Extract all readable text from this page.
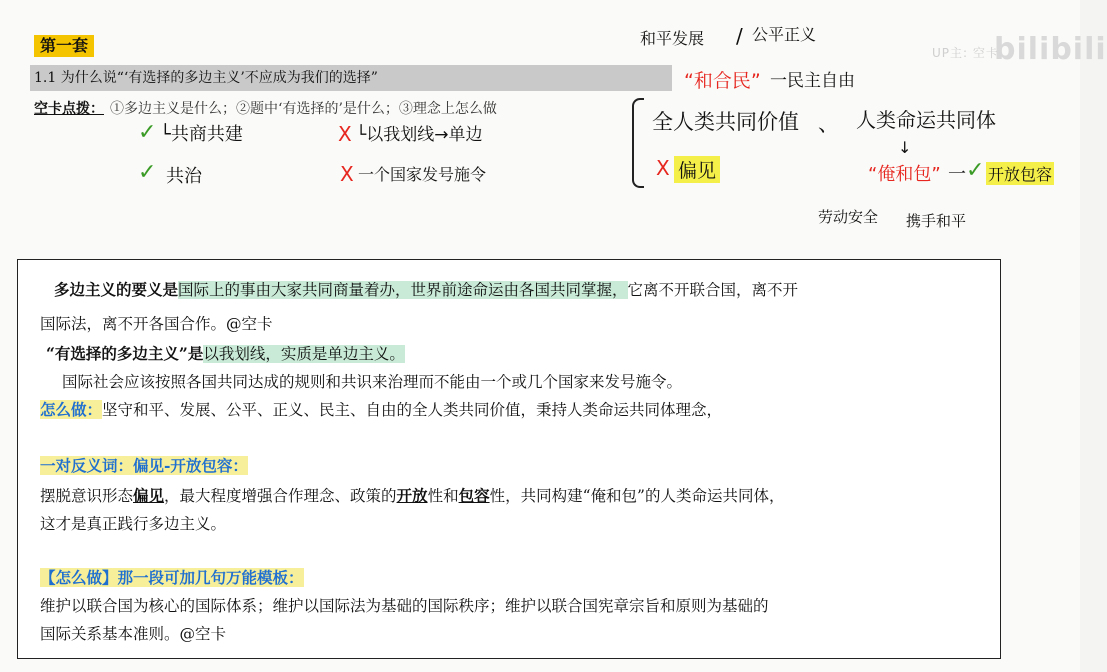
UP主: 空卡
bilibili
第一套
1.1 为什么说“‘有选择的多边主义’不应成为我们的选择”
空卡点拨： ①多边主义是什么；②题中‘有选择的’是什么；③理念上怎么做
和平发展 / 公平正义
“和合民” 一民主自由
✓ └共商共建
✓ 共治
X └以我划线→单边
X 一个国家发号施令
全人类共同价值 、 人类命运共同体
X 偏见
↓
“俺和包” 一 ✓ 开放包容
劳动安全 携手和平
多边主义的要义是国际上的事由大家共同商量着办，世界前途命运由各国共同掌握，它离不开联合国，离不开
国际法，离不开各国合作。@空卡
“有选择的多边主义”是以我划线，实质是单边主义。
国际社会应该按照各国共同达成的规则和共识来治理而不能由一个或几个国家来发号施令。
怎么做：坚守和平、发展、公平、正义、民主、自由的全人类共同价值，秉持人类命运共同体理念，
一对反义词：偏见-开放包容：
摆脱意识形态偏见，最大程度增强合作理念、政策的开放性和包容性，共同构建“俺和包”的人类命运共同体，
这才是真正践行多边主义。
【怎么做】那一段可加几句万能模板：
维护以联合国为核心的国际体系；维护以国际法为基础的国际秩序；维护以联合国宪章宗旨和原则为基础的
国际关系基本准则。@空卡
